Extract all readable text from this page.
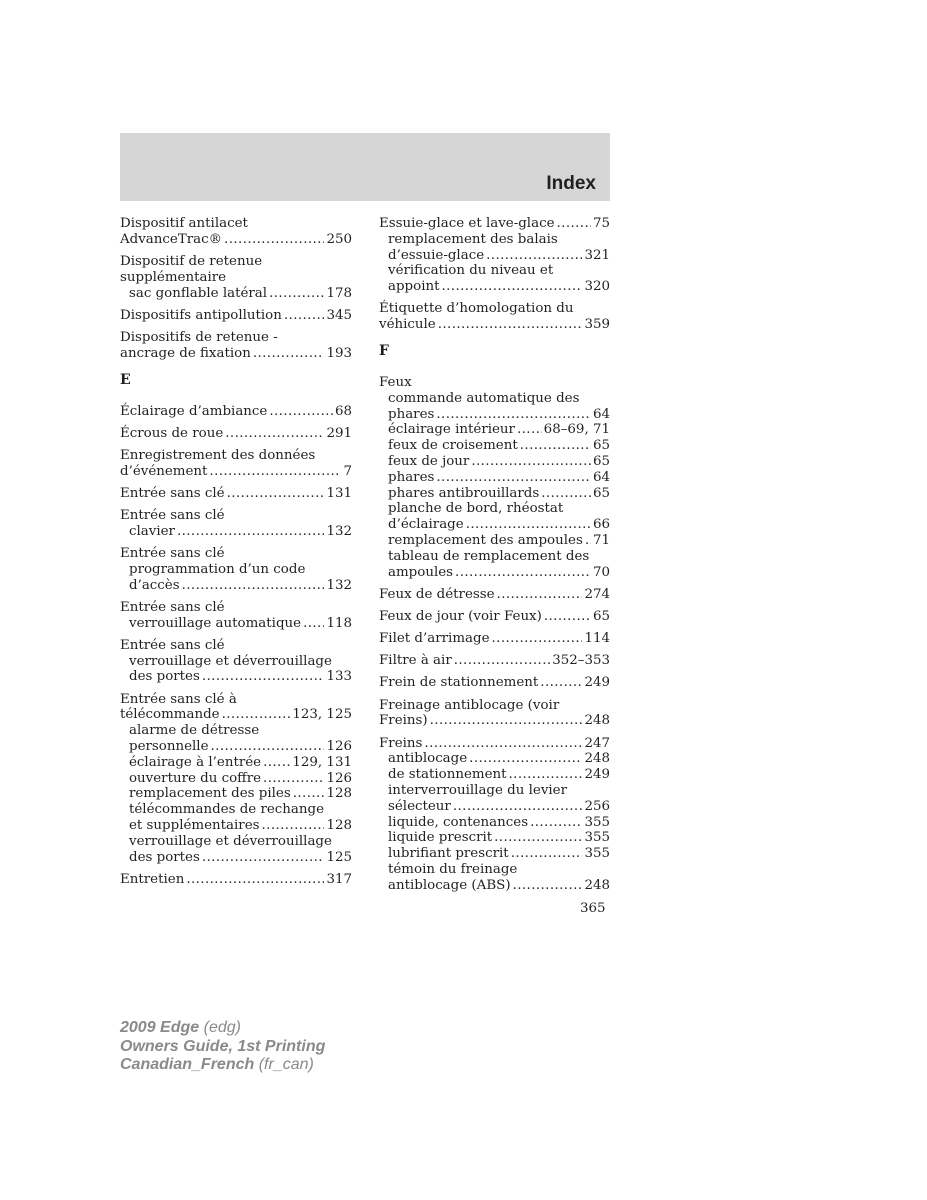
Index
Dispositif antilacet
AdvanceTrac® .....	250
Dispositif de retenue
supplémentaire
sac gonflable latéral .....	178
Dispositifs antipollution .....	345
Dispositifs de retenue -
ancrage de fixation .....	193
E
Éclairage d’ambiance .....	68
Écrous de roue .....	291
Enregistrement des données
d’événement .....	7
Entrée sans clé .....	131
Entrée sans clé
clavier .....	132
Entrée sans clé
programmation d’un code
d’accès .....	132
Entrée sans clé
verrouillage automatique ..... 118
Entrée sans clé
verrouillage et déverrouillage
des portes .....	133
Entrée sans clé à
télécommande .....	123, 125
alarme de détresse
personnelle .....	126
éclairage à l’entrée ..... 129, 131
ouverture du coffre .....	126
remplacement des piles .....	128
télécommandes de rechange
et supplémentaires .....	128
verrouillage et déverrouillage
des portes .....	125
Entretien .....	317
Essuie-glace et lave-glace .....	75
remplacement des balais
d’essuie-glace .....	321
vérification du niveau et
appoint .....	320
Étiquette d’homologation du
véhicule .....	359
F
Feux
commande automatique des
phares .....	64
éclairage intérieur ..... 68–69, 71
feux de croisement .....	65
feux de jour .....	65
phares .....	64
phares antibrouillards .....	65
planche de bord, rhéostat
d’éclairage .....	66
remplacement des ampoules ..... 71
tableau de remplacement des
ampoules .....	70
Feux de détresse .....	274
Feux de jour (voir Feux) .....	65
Filet d’arrimage .....	114
Filtre à air .....	352–353
Frein de stationnement .....	249
Freinage antiblocage (voir
Freins) .....	248
Freins .....	247
antiblocage .....	248
de stationnement .....	249
interverrouillage du levier
sélecteur .....	256
liquide, contenances .....	355
liquide prescrit .....	355
lubrifiant prescrit .....	355
témoin du freinage
antiblocage (ABS) .....	248
365
2009 Edge (edg)
Owners Guide, 1st Printing
Canadian_French (fr_can)
